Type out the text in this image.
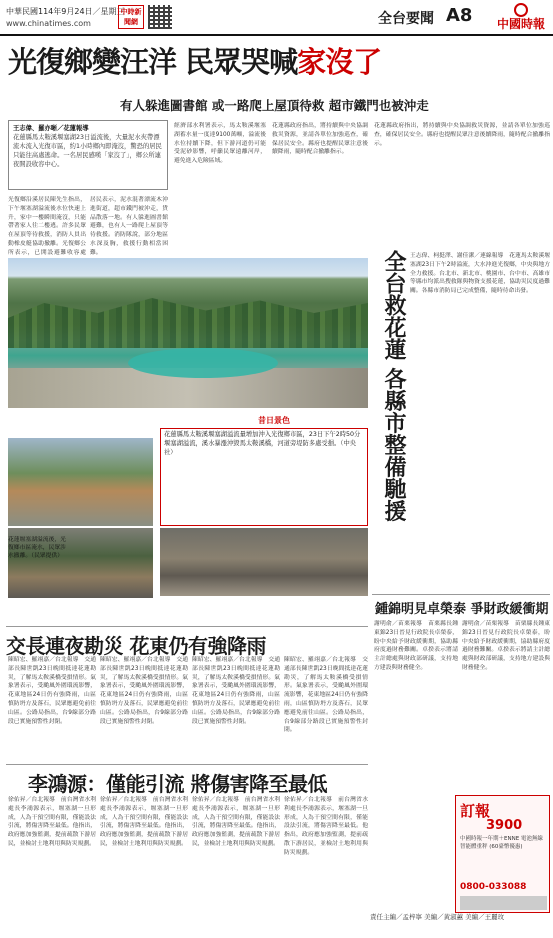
中華民國114年9月24日／星期三
www.chinatimes.com
中時新聞網	全台要聞 A8	中國時報
光復鄉變汪洋 民眾哭喊家沒了
有人躲進圖書館 或一路爬上屋頂待救 超市鐵門也被沖走
王志偉、羅亦晰／花蓮報導
花蓮縣馬太鞍溪堰塞湖23日溢流後，大量泥水夾帶漂流木流入光復市區，約1小時鄉內即淹沒，驚恐的居民只能往高處逃命。一名居民感嘆「家沒了」，鄉公所連夜開設收容中心。
光復鄉沿溪居民陳先生指出，下午堰塞湖溢流後水位快速上升，家中一樓瞬間淹沒，只能帶著家人往二樓逃。許多民眾在屋頂等待救援，消防人員出動橡皮艇協助撤離。光復鄉公所表示，已開設避難收容處
居民表示，泥水混著漂流木沖進街道，超市鐵門被沖走，貨品散落一地。有人躲進圖書館避難，也有人一路爬上屋頂等待救援。消防隊說，部分地區水深及胸，救援行動相當困難。
經濟部水利署表示，馬太鞍溪堰塞湖蓄水量一度達9100萬噸，溢流後水位持續下降，但下游河道仍可能受泥砂影響，呼籲民眾遠離河岸，避免進入危險區域。
花蓮縣政府指出，將持續與中央協調救災資源，並請各單位加強巡查，確保居民安全。縣府也提醒民眾注意後續降雨，隨時配合撤離指示。
花蓮縣政府指出，將持續與中央協調救災資源，並請各單位加強巡查，確保居民安全。縣府也提醒民眾注意後續降雨，隨時配合撤離指示。
昔日景色
花蓮縣馬太鞍溪堰塞湖溢流量增加沖入光復鄉市區，23日下午2時50分堰塞湖溢流，溪水暴漲沖毀馬太鞍溪橋，河道旁堤防多處受損。（中央社）
花蓮堰塞湖溢流後，光復鄉市區淹水，民眾涉水撤離。（民眾提供）
全台救花蓮 各縣市整備馳援 王志偉、柯挺澤、謝佳潔／連線報導　花蓮馬太鞍溪堰塞湖23日下午2時溢流，大水沖進光復鄉，中央與地方全力救援。台北市、新北市、桃園市、台中市、高雄市等縣市均派出搜救隊與物資支援花蓮，協助災民度過難關。各縣市消防局已完成整備，隨時待命出發。
交長連夜勘災 花東仍有強降雨
陳昭宏、羅翊嘉／台北報導　交通部長陳世凱23日晚間抵達花蓮勘災，了解馬太鞍溪橋受損情形。氣象署表示，受颱風外圍環流影響，花東地區24日仍有強降雨，山區慎防坍方及落石，民眾應避免前往山區。公路局指出，台9線部分路段已實施預警性封閉。
陳昭宏、羅翊嘉／台北報導　交通部長陳世凱23日晚間抵達花蓮勘災，了解馬太鞍溪橋受損情形。氣象署表示，受颱風外圍環流影響，花東地區24日仍有強降雨，山區慎防坍方及落石，民眾應避免前往山區。公路局指出，台9線部分路段已實施預警性封閉。
陳昭宏、羅翊嘉／台北報導　交通部長陳世凱23日晚間抵達花蓮勘災，了解馬太鞍溪橋受損情形。氣象署表示，受颱風外圍環流影響，花東地區24日仍有強降雨，山區慎防坍方及落石，民眾應避免前往山區。公路局指出，台9線部分路段已實施預警性封閉。
陳昭宏、羅翊嘉／台北報導　交通部長陳世凱23日晚間抵達花蓮勘災，了解馬太鞍溪橋受損情形。氣象署表示，受颱風外圍環流影響，花東地區24日仍有強降雨，山區慎防坍方及落石，民眾應避免前往山區。公路局指出，台9線部分路段已實施預警性封閉。
李鴻源：僅能引流 將傷害降至最低
徐佑昇／台北報導　前台灣省水利處長李鴻源表示，堰塞湖一旦形成，人為干預空間有限，僅能設法引流，將傷害降至最低。他指出，政府應加強監測，提前疏散下游居民，並檢討土地利用與防災規劃。
徐佑昇／台北報導　前台灣省水利處長李鴻源表示，堰塞湖一旦形成，人為干預空間有限，僅能設法引流，將傷害降至最低。他指出，政府應加強監測，提前疏散下游居民，並檢討土地利用與防災規劃。
徐佑昇／台北報導　前台灣省水利處長李鴻源表示，堰塞湖一旦形成，人為干預空間有限，僅能設法引流，將傷害降至最低。他指出，政府應加強監測，提前疏散下游居民，並檢討土地利用與防災規劃。
徐佑昇／台北報導　前台灣省水利處長李鴻源表示，堰塞湖一旦形成，人為干預空間有限，僅能設法引流，將傷害降至最低。他指出，政府應加強監測，提前疏散下游居民，並檢討土地利用與防災規劃。
鍾錦明見卓榮泰 爭財政緩衝期
謝明俞／苗栗報導　苗栗縣長鍾東錦23日晉見行政院長卓榮泰，盼中央給予財政緩衝期，協助縣府度過財務難關。卓揆表示將請主計總處與財政部研議，支持地方建設與財務健全。
謝明俞／苗栗報導　苗栗縣長鍾東錦23日晉見行政院長卓榮泰，盼中央給予財政緩衝期，協助縣府度過財務難關。卓揆表示將請主計總處與財政部研議，支持地方建設與財務健全。
訂報
3900
中國時報一年期＋ENNE 電池無線智能體重秤 (60臺幣優惠)
0800-033088
責任主編／孟梓寧 美編／黃淑蕙 美編／王麗玫
